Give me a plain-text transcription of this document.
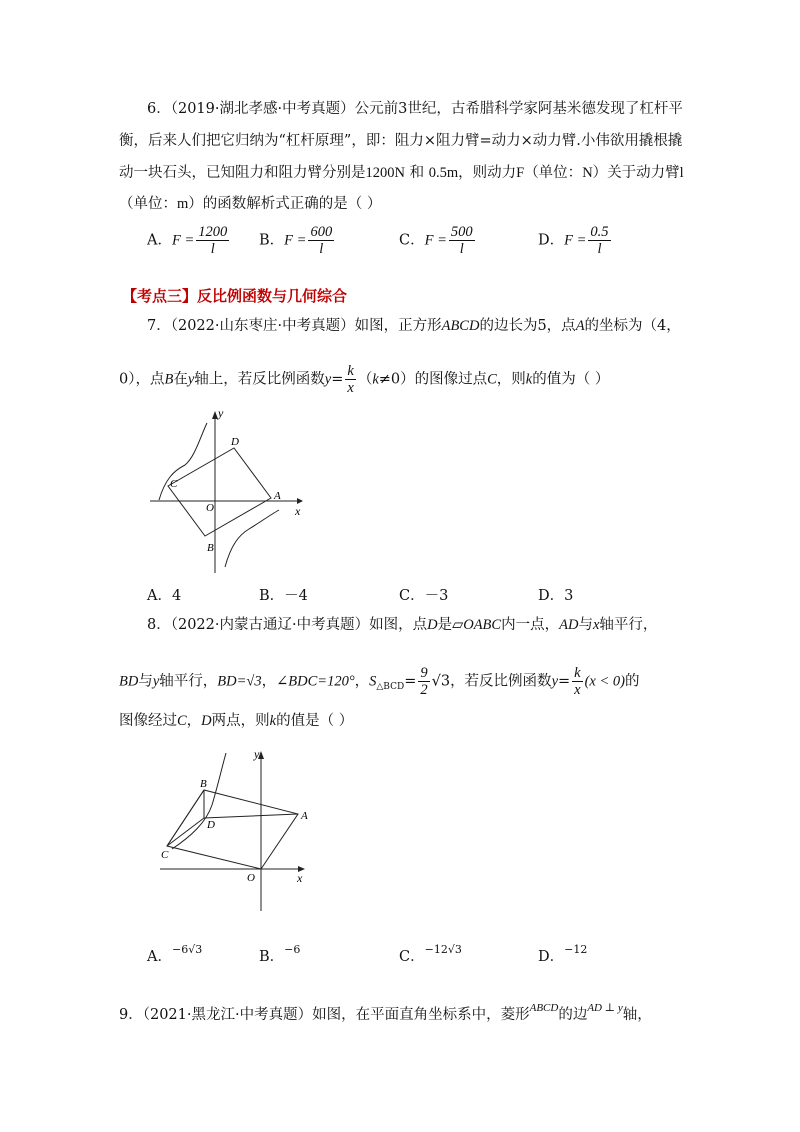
6．（2019·湖北孝感·中考真题）公元前3世纪，古希腊科学家阿基米德发现了杠杆平
衡，后来人们把它归纳为“杠杆原理”，即：阻力×阻力臂=动力×动力臂.小伟欲用撬根撬
动一块石头，已知阻力和阻力臂分别是1200N 和 0.5m，则动力F（单位：N）关于动力臂l
（单位：m）的函数解析式正确的是（ ）
A．$F = \frac{1200}{l}$ B．$F = \frac{600}{l}$	C．$F = \frac{500}{l}$	D．$F = \frac{0.5}{l}$
【考点三】反比例函数与几何综合
7．（2022·山东枣庄·中考真题）如图，正方形ABCD的边长为5，点A的坐标为（4，
0），点B在y轴上，若反比例函数$y= \frac{k}{x} (k\ne 0)$的图像过点C，则k的值为（ ）
y
x
O
A
B
C
D
A．4	B．－4	C．－3	D．3
8．（2022·内蒙古通辽·中考真题）如图，点D是▱OABC内一点，AD与x轴平行，
BD与y轴平行，BD=√3，∠BDC=120°，$S_{\triangle BCD}= \frac{9}{2} √3$，若反比例函数$y= \frac{k}{x} (x < 0)$的
图像经过C，D两点，则k的值是（ ）
y
x
O
A
B
C
D
A．$^{-6√3}$	B．$^{-6}$	C．$^{-12√3}$	D．$^{-12}$
9．（2021·黑龙江·中考真题）如图，在平面直角坐标系中，菱形$^{ABCD}$的边$^{AD \perp y}$轴，
